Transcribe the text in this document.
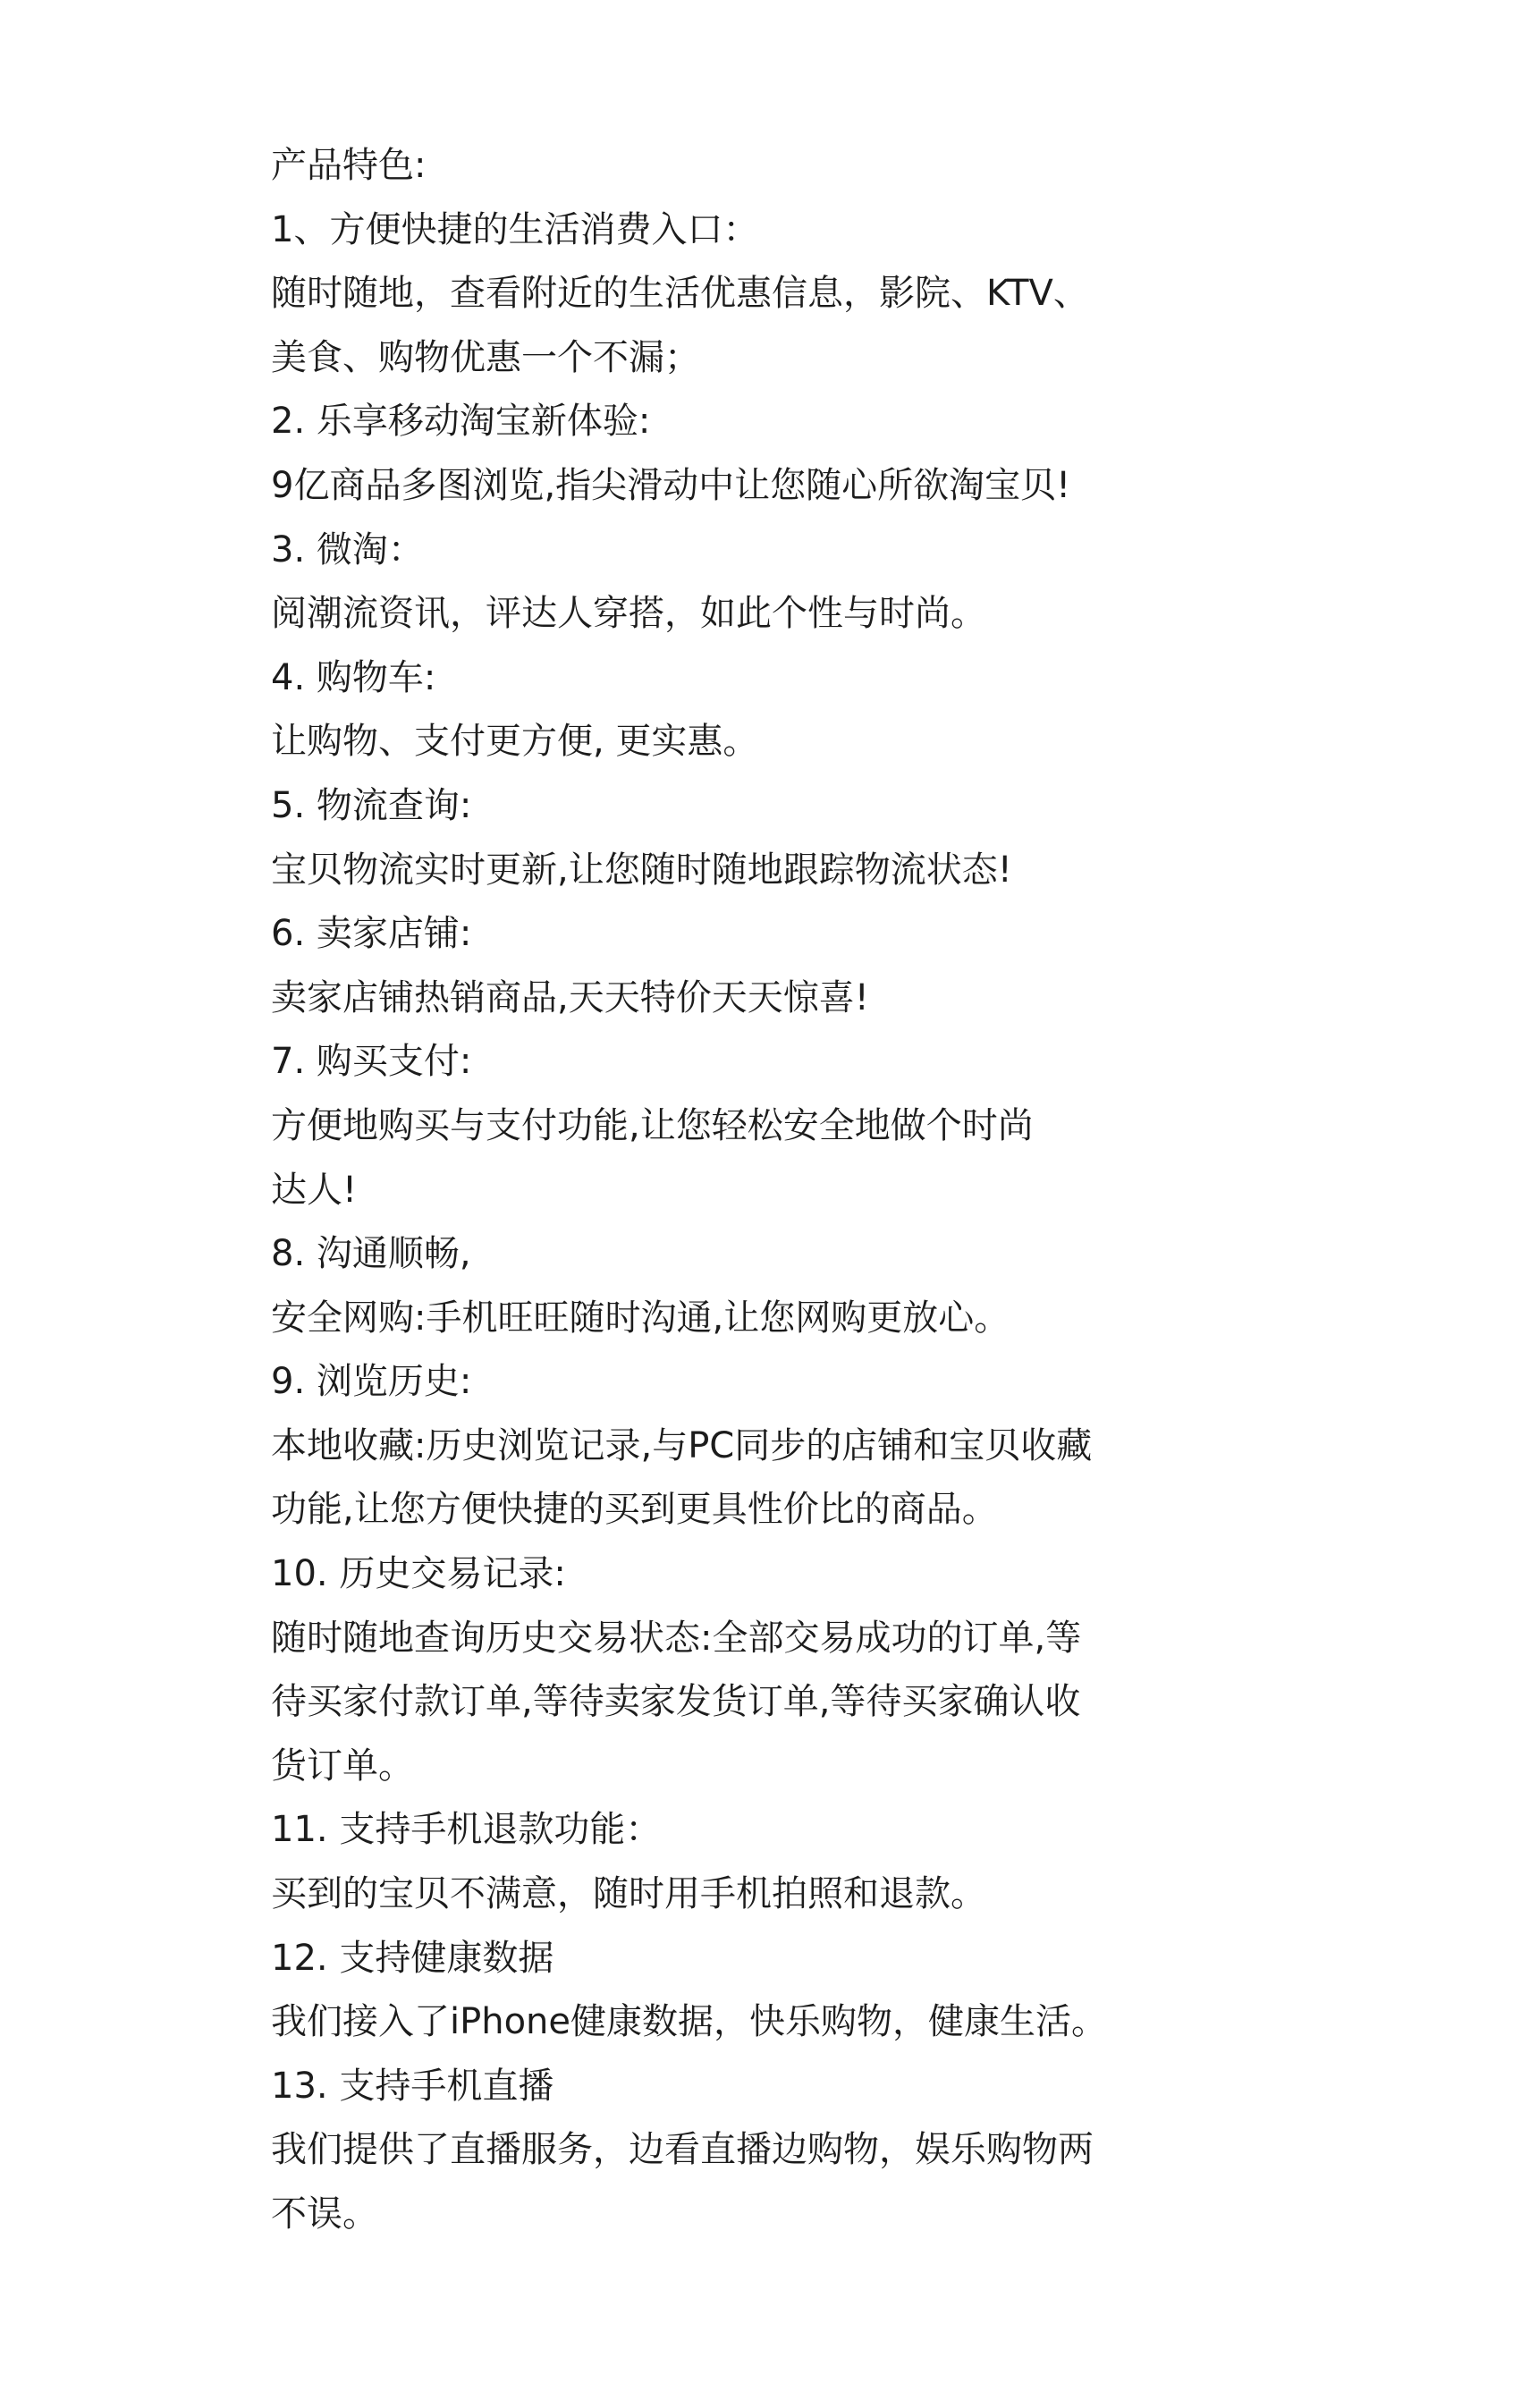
产品特色:
1、方便快捷的生活消费入口：
随时随地，查看附近的生活优惠信息，影院、KTV、
美食、购物优惠一个不漏；
2. 乐享移动淘宝新体验:
9亿商品多图浏览,指尖滑动中让您随心所欲淘宝贝!
3. 微淘：
阅潮流资讯，评达人穿搭，如此个性与时尚。
4. 购物车:
让购物、支付更方便, 更实惠。
5. 物流查询:
宝贝物流实时更新,让您随时随地跟踪物流状态!
6. 卖家店铺:
卖家店铺热销商品,天天特价天天惊喜!
7. 购买支付:
方便地购买与支付功能,让您轻松安全地做个时尚
达人!
8. 沟通顺畅,
安全网购:手机旺旺随时沟通,让您网购更放心。
9. 浏览历史:
本地收藏:历史浏览记录,与PC同步的店铺和宝贝收藏
功能,让您方便快捷的买到更具性价比的商品。
10. 历史交易记录:
随时随地查询历史交易状态:全部交易成功的订单,等
待买家付款订单,等待卖家发货订单,等待买家确认收
货订单。
11. 支持手机退款功能：
买到的宝贝不满意，随时用手机拍照和退款。
12. 支持健康数据
我们接入了iPhone健康数据，快乐购物，健康生活。
13. 支持手机直播
我们提供了直播服务，边看直播边购物，娱乐购物两
不误。
